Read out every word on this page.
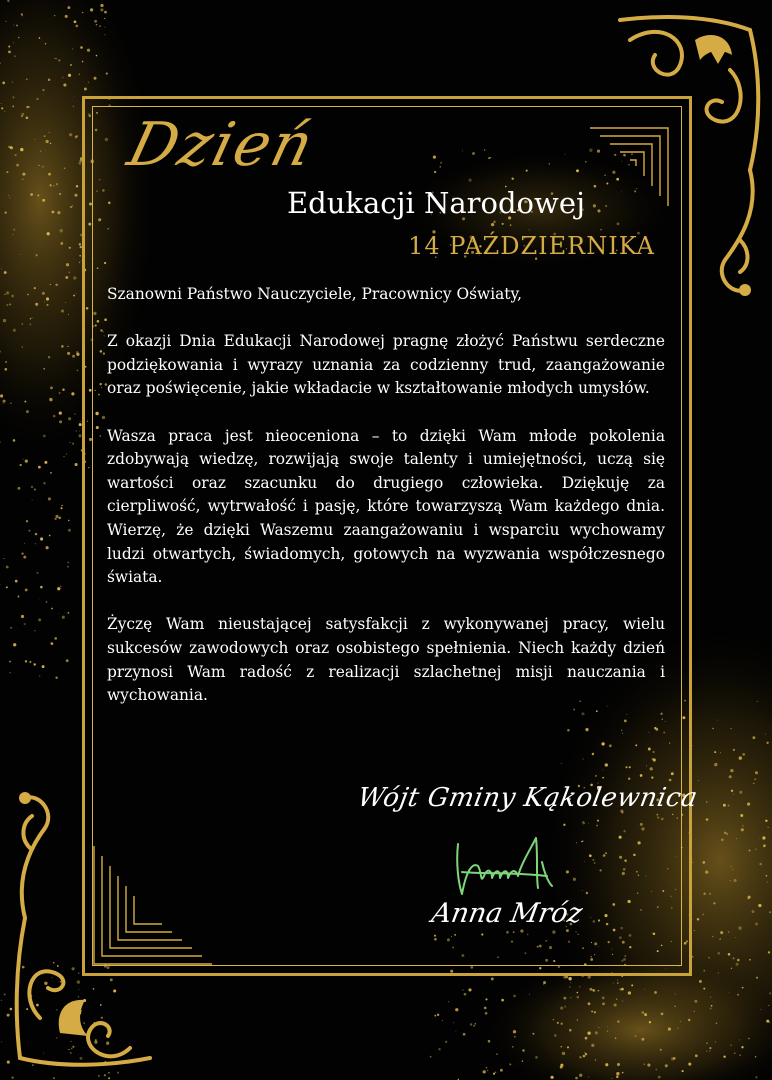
Dzień
Edukacji Narodowej
14 PAŹDZIERNIKA

Szanowni Państwo Nauczyciele, Pracownicy Oświaty,

Z okazji Dnia Edukacji Narodowej pragnę złożyć Państwu serdeczne podziękowania i wyrazy uznania za codzienny trud, zaangażowanie oraz poświęcenie, jakie wkładacie w kształtowanie młodych umysłów.

Wasza praca jest nieoceniona – to dzięki Wam młode pokolenia zdobywają wiedzę, rozwijają swoje talenty i umiejętności, uczą się wartości oraz szacunku do drugiego człowieka. Dziękuję za cierpliwość, wytrwałość i pasję, które towarzyszą Wam każdego dnia. Wierzę, że dzięki Waszemu zaangażowaniu i wsparciu wychowamy ludzi otwartych, świadomych, gotowych na wyzwania współczesnego świata.

Życzę Wam nieustającej satysfakcji z wykonywanej pracy, wielu sukcesów zawodowych oraz osobistego spełnienia. Niech każdy dzień przynosi Wam radość z realizacji szlachetnej misji nauczania i wychowania.

Wójt Gminy Kąkolewnica
Anna Mróz
